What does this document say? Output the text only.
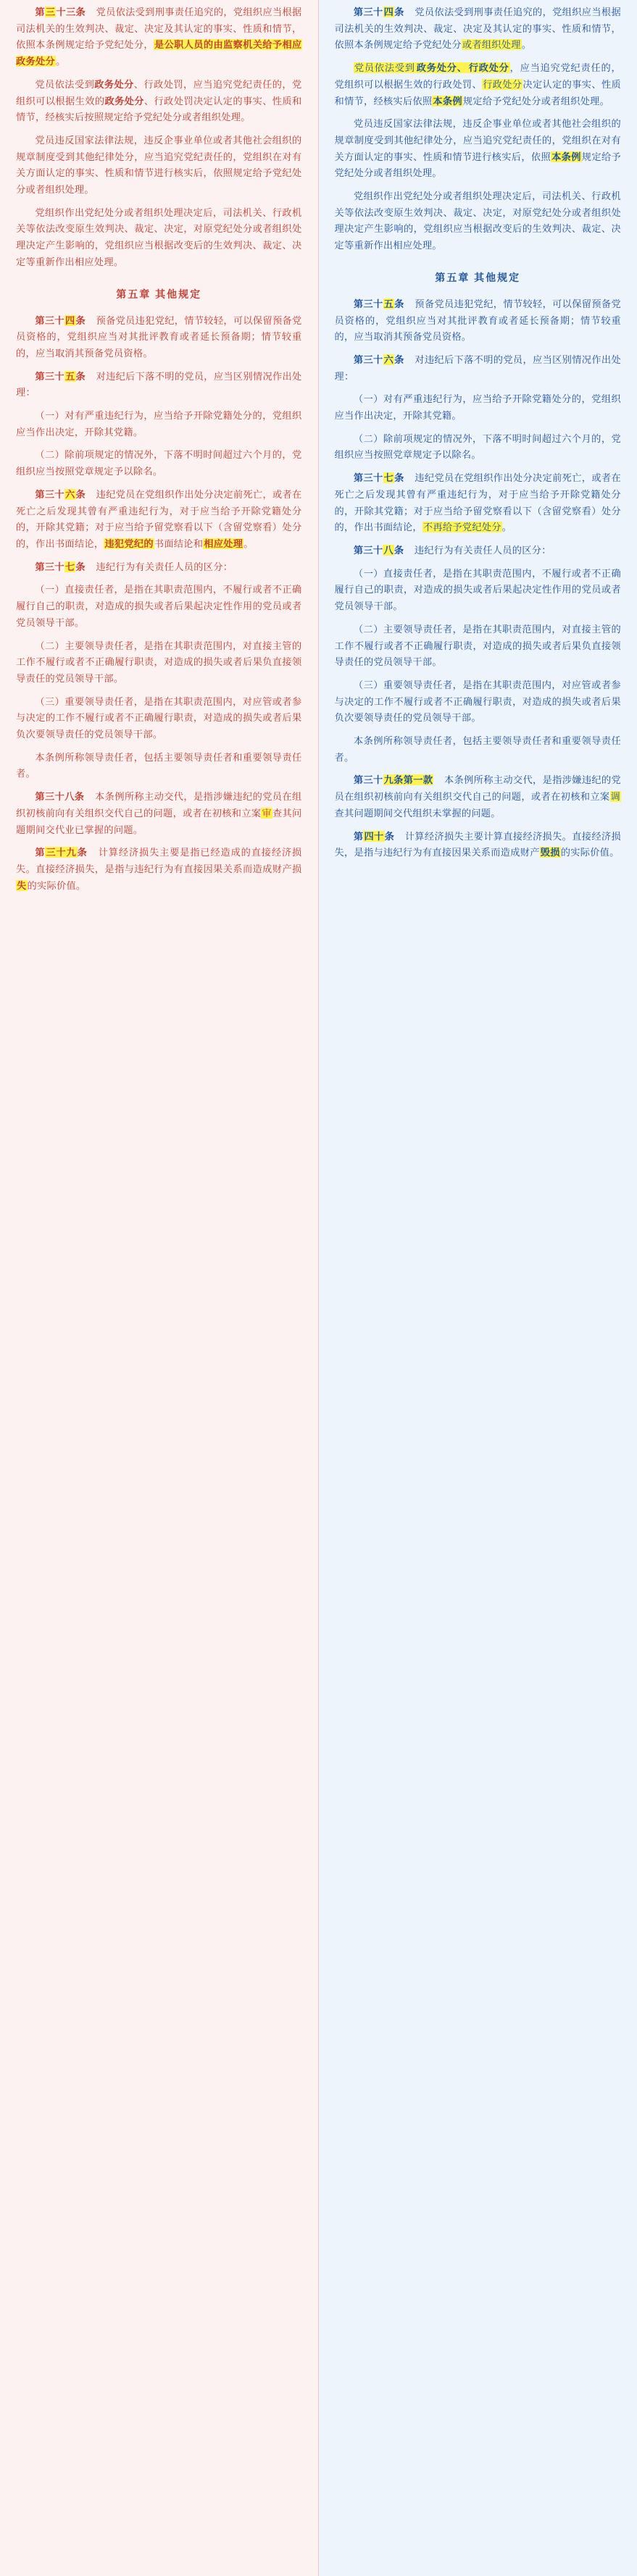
第三十三条 党员依法受到刑事责任追究的，党组织应当根据司法机关的生效判决、裁定、决定及其认定的事实、性质和情节，依照本条例规定给予党纪处分，是公职人员的由监察机关给予相应政务处分。

党员依法受到政务处分、行政处罚，应当追究党纪责任的，党组织可以根据生效的政务处分、行政处罚决定认定的事实、性质和情节，经核实后按照规定给予党纪处分或者组织处理。

党员违反国家法律法规，违反企事业单位或者其他社会组织的规章制度受到其他纪律处分，应当追究党纪责任的，党组织在对有关方面认定的事实、性质和情节进行核实后，依照规定给予党纪处分或者组织处理。

党组织作出党纪处分或者组织处理决定后，司法机关、行政机关等依法改变原生效判决、裁定、决定，对原党纪处分或者组织处理决定产生影响的，党组织应当根据改变后的生效判决、裁定、决定等重新作出相应处理。

第五章 其他规定

第三十四条 预备党员违犯党纪，情节较轻，可以保留预备党员资格的，党组织应当对其批评教育或者延长预备期；情节较重的，应当取消其预备党员资格。

第三十五条 对违纪后下落不明的党员，应当区别情况作出处理：

（一）对有严重违纪行为，应当给予开除党籍处分的，党组织应当作出决定，开除其党籍。

（二）除前项规定的情况外，下落不明时间超过六个月的，党组织应当按照党章规定予以除名。

第三十六条 违纪党员在党组织作出处分决定前死亡，或者在死亡之后发现其曾有严重违纪行为，对于应当给予开除党籍处分的，开除其党籍；对于应当给予留党察看以下（含留党察看）处分的，作出书面结论，违犯党纪的书面结论和相应处理。

第三十七条 违纪行为有关责任人员的区分：

（一）直接责任者，是指在其职责范围内，不履行或者不正确履行自己的职责，对造成的损失或者后果起决定性作用的党员或者党员领导干部。

（二）主要领导责任者，是指在其职责范围内，对直接主管的工作不履行或者不正确履行职责，对造成的损失或者后果负直接领导责任的党员领导干部。

（三）重要领导责任者，是指在其职责范围内，对应管或者参与决定的工作不履行或者不正确履行职责，对造成的损失或者后果负次要领导责任的党员领导干部。

本条例所称领导责任者，包括主要领导责任者和重要领导责任者。

第三十八条 本条例所称主动交代，是指涉嫌违纪的党员在组织初核前向有关组织交代自己的问题，或者在初核和立案审查其问题期间交代业已掌握的问题。

第三十九条 计算经济损失主要是指已经造成的直接经济损失。直接经济损失，是指与违纪行为有直接因果关系而造成财产损失的实际价值。

第三十四条 党员依法受到刑事责任追究的，党组织应当根据司法机关的生效判决、裁定、决定及其认定的事实、性质和情节，依照本条例规定给予党纪处分或者组织处理。

党员依法受到 政务处分、 行政处分，应当追究党纪责任的，党组织可以根据生效的行政处罚、行政处分决定认定的事实、性质和情节，经核实后依照本条例规定给予党纪处分或者组织处理。

党员违反国家法律法规，违反企事业单位或者其他社会组织的规章制度受到其他纪律处分，应当追究党纪责任的，党组织在对有关方面认定的事实、性质和情节进行核实后，依照本条例规定给予党纪处分或者组织处理。

党组织作出党纪处分或者组织处理决定后，司法机关、行政机关等依法改变原生效判决、裁定、决定，对原党纪处分或者组织处理决定产生影响的，党组织应当根据改变后的生效判决、裁定、决定等重新作出相应处理。

第五章 其他规定

第三十五条 预备党员违犯党纪，情节较轻，可以保留预备党员资格的，党组织应当对其批评教育或者延长预备期；情节较重的，应当取消其预备党员资格。

第三十六条 对违纪后下落不明的党员，应当区别情况作出处理：

（一）对有严重违纪行为，应当给予开除党籍处分的，党组织应当作出决定，开除其党籍。

（二）除前项规定的情况外，下落不明时间超过六个月的，党组织应当按照党章规定予以除名。

第三十七条 违纪党员在党组织作出处分决定前死亡，或者在死亡之后发现其曾有严重违纪行为，对于应当给予开除党籍处分的，开除其党籍；对于应当给予留党察看以下（含留党察看）处分的，作出书面结论，不再给予党纪处分。

第三十八条 违纪行为有关责任人员的区分：

（一）直接责任者，是指在其职责范围内，不履行或者不正确履行自己的职责，对造成的损失或者后果起决定性作用的党员或者党员领导干部。

（二）主要领导责任者，是指在其职责范围内，对直接主管的工作不履行或者不正确履行职责，对造成的损失或者后果负直接领导责任的党员领导干部。

（三）重要领导责任者，是指在其职责范围内，对应管或者参与决定的工作不履行或者不正确履行职责，对造成的损失或者后果负次要领导责任的党员领导干部。

本条例所称领导责任者，包括主要领导责任者和重要领导责任者。

第三十九条第一款 本条例所称主动交代，是指涉嫌违纪的党员在组织初核前向有关组织交代自己的问题，或者在初核和立案调查其问题期间交代组织未掌握的问题。

第四十条 计算经济损失主要计算直接经济损失。直接经济损失，是指与违纪行为有直接因果关系而造成财产毁损的实际价值。
